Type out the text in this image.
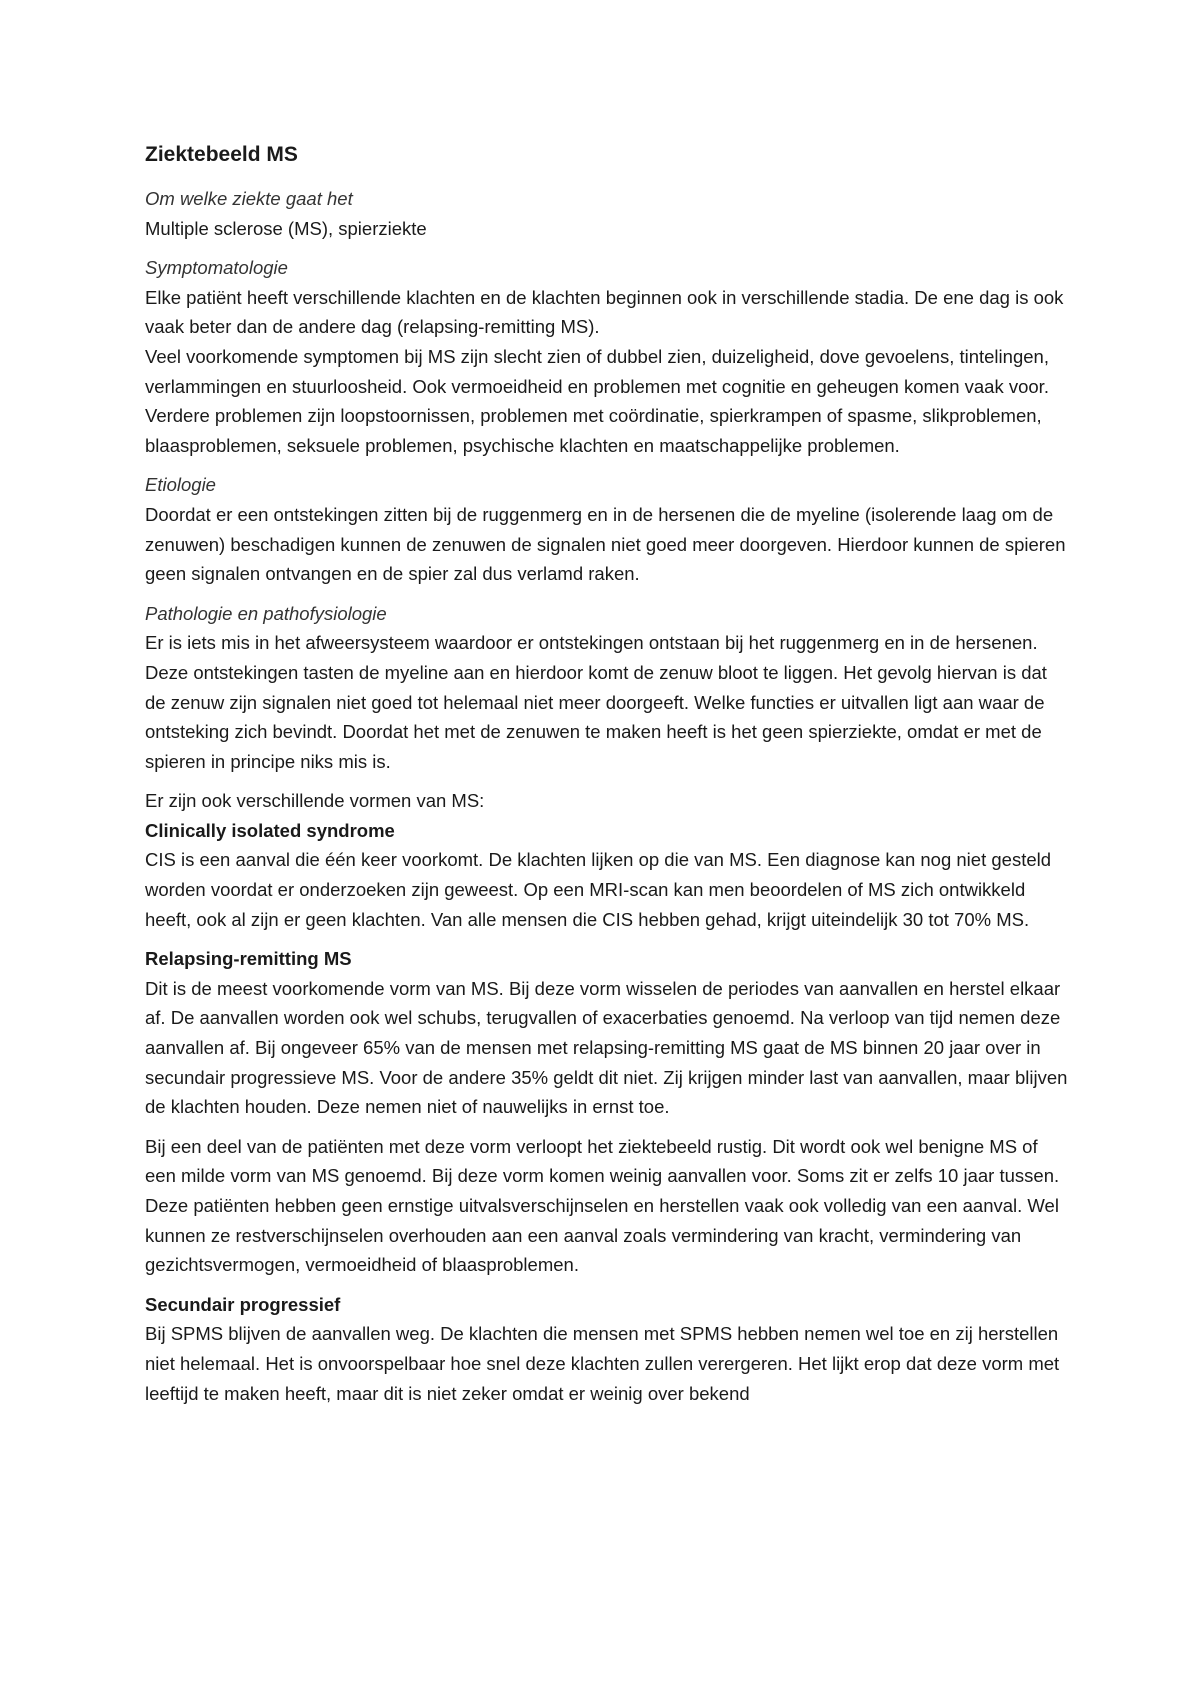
Ziektebeeld MS

Om welke ziekte gaat het

Multiple sclerose (MS), spierziekte

Symptomatologie

Elke patiënt heeft verschillende klachten en de klachten beginnen ook in verschillende stadia. De ene dag is ook vaak beter dan de andere dag (relapsing-remitting MS).

Veel voorkomende symptomen bij MS zijn slecht zien of dubbel zien, duizeligheid, dove gevoelens, tintelingen, verlammingen en stuurloosheid. Ook vermoeidheid en problemen met cognitie en geheugen komen vaak voor. Verdere problemen zijn loopstoornissen, problemen met coördinatie, spierkrampen of spasme, slikproblemen, blaasproblemen, seksuele problemen, psychische klachten en maatschappelijke problemen.

Etiologie

Doordat er een ontstekingen zitten bij de ruggenmerg en in de hersenen die de myeline (isolerende laag om de zenuwen) beschadigen kunnen de zenuwen de signalen niet goed meer doorgeven. Hierdoor kunnen de spieren geen signalen ontvangen en de spier zal dus verlamd raken.

Pathologie en pathofysiologie

Er is iets mis in het afweersysteem waardoor er ontstekingen ontstaan bij het ruggenmerg en in de hersenen. Deze ontstekingen tasten de myeline aan en hierdoor komt de zenuw bloot te liggen. Het gevolg hiervan is dat de zenuw zijn signalen niet goed tot helemaal niet meer doorgeeft. Welke functies er uitvallen ligt aan waar de ontsteking zich bevindt. Doordat het met de zenuwen te maken heeft is het geen spierziekte, omdat er met de spieren in principe niks mis is.

Er zijn ook verschillende vormen van MS:

Clinically isolated syndrome

CIS is een aanval die één keer voorkomt. De klachten lijken op die van MS. Een diagnose kan nog niet gesteld worden voordat er onderzoeken zijn geweest. Op een MRI-scan kan men beoordelen of MS zich ontwikkeld heeft, ook al zijn er geen klachten. Van alle mensen die CIS hebben gehad, krijgt uiteindelijk 30 tot 70% MS.

Relapsing-remitting MS

Dit is de meest voorkomende vorm van MS. Bij deze vorm wisselen de periodes van aanvallen en herstel elkaar af. De aanvallen worden ook wel schubs, terugvallen of exacerbaties genoemd. Na verloop van tijd nemen deze aanvallen af. Bij ongeveer 65% van de mensen met relapsing-remitting MS gaat de MS binnen 20 jaar over in secundair progressieve MS. Voor de andere 35% geldt dit niet. Zij krijgen minder last van aanvallen, maar blijven de klachten houden. Deze nemen niet of nauwelijks in ernst toe.

Bij een deel van de patiënten met deze vorm verloopt het ziektebeeld rustig. Dit wordt ook wel benigne MS of een milde vorm van MS genoemd. Bij deze vorm komen weinig aanvallen voor. Soms zit er zelfs 10 jaar tussen. Deze patiënten hebben geen ernstige uitvalsverschijnselen en herstellen vaak ook volledig van een aanval. Wel kunnen ze restverschijnselen overhouden aan een aanval zoals vermindering van kracht, vermindering van gezichtsvermogen, vermoeidheid of blaasproblemen.

Secundair progressief

Bij SPMS blijven de aanvallen weg. De klachten die mensen met SPMS hebben nemen wel toe en zij herstellen niet helemaal. Het is onvoorspelbaar hoe snel deze klachten zullen verergeren. Het lijkt erop dat deze vorm met leeftijd te maken heeft, maar dit is niet zeker omdat er weinig over bekend
